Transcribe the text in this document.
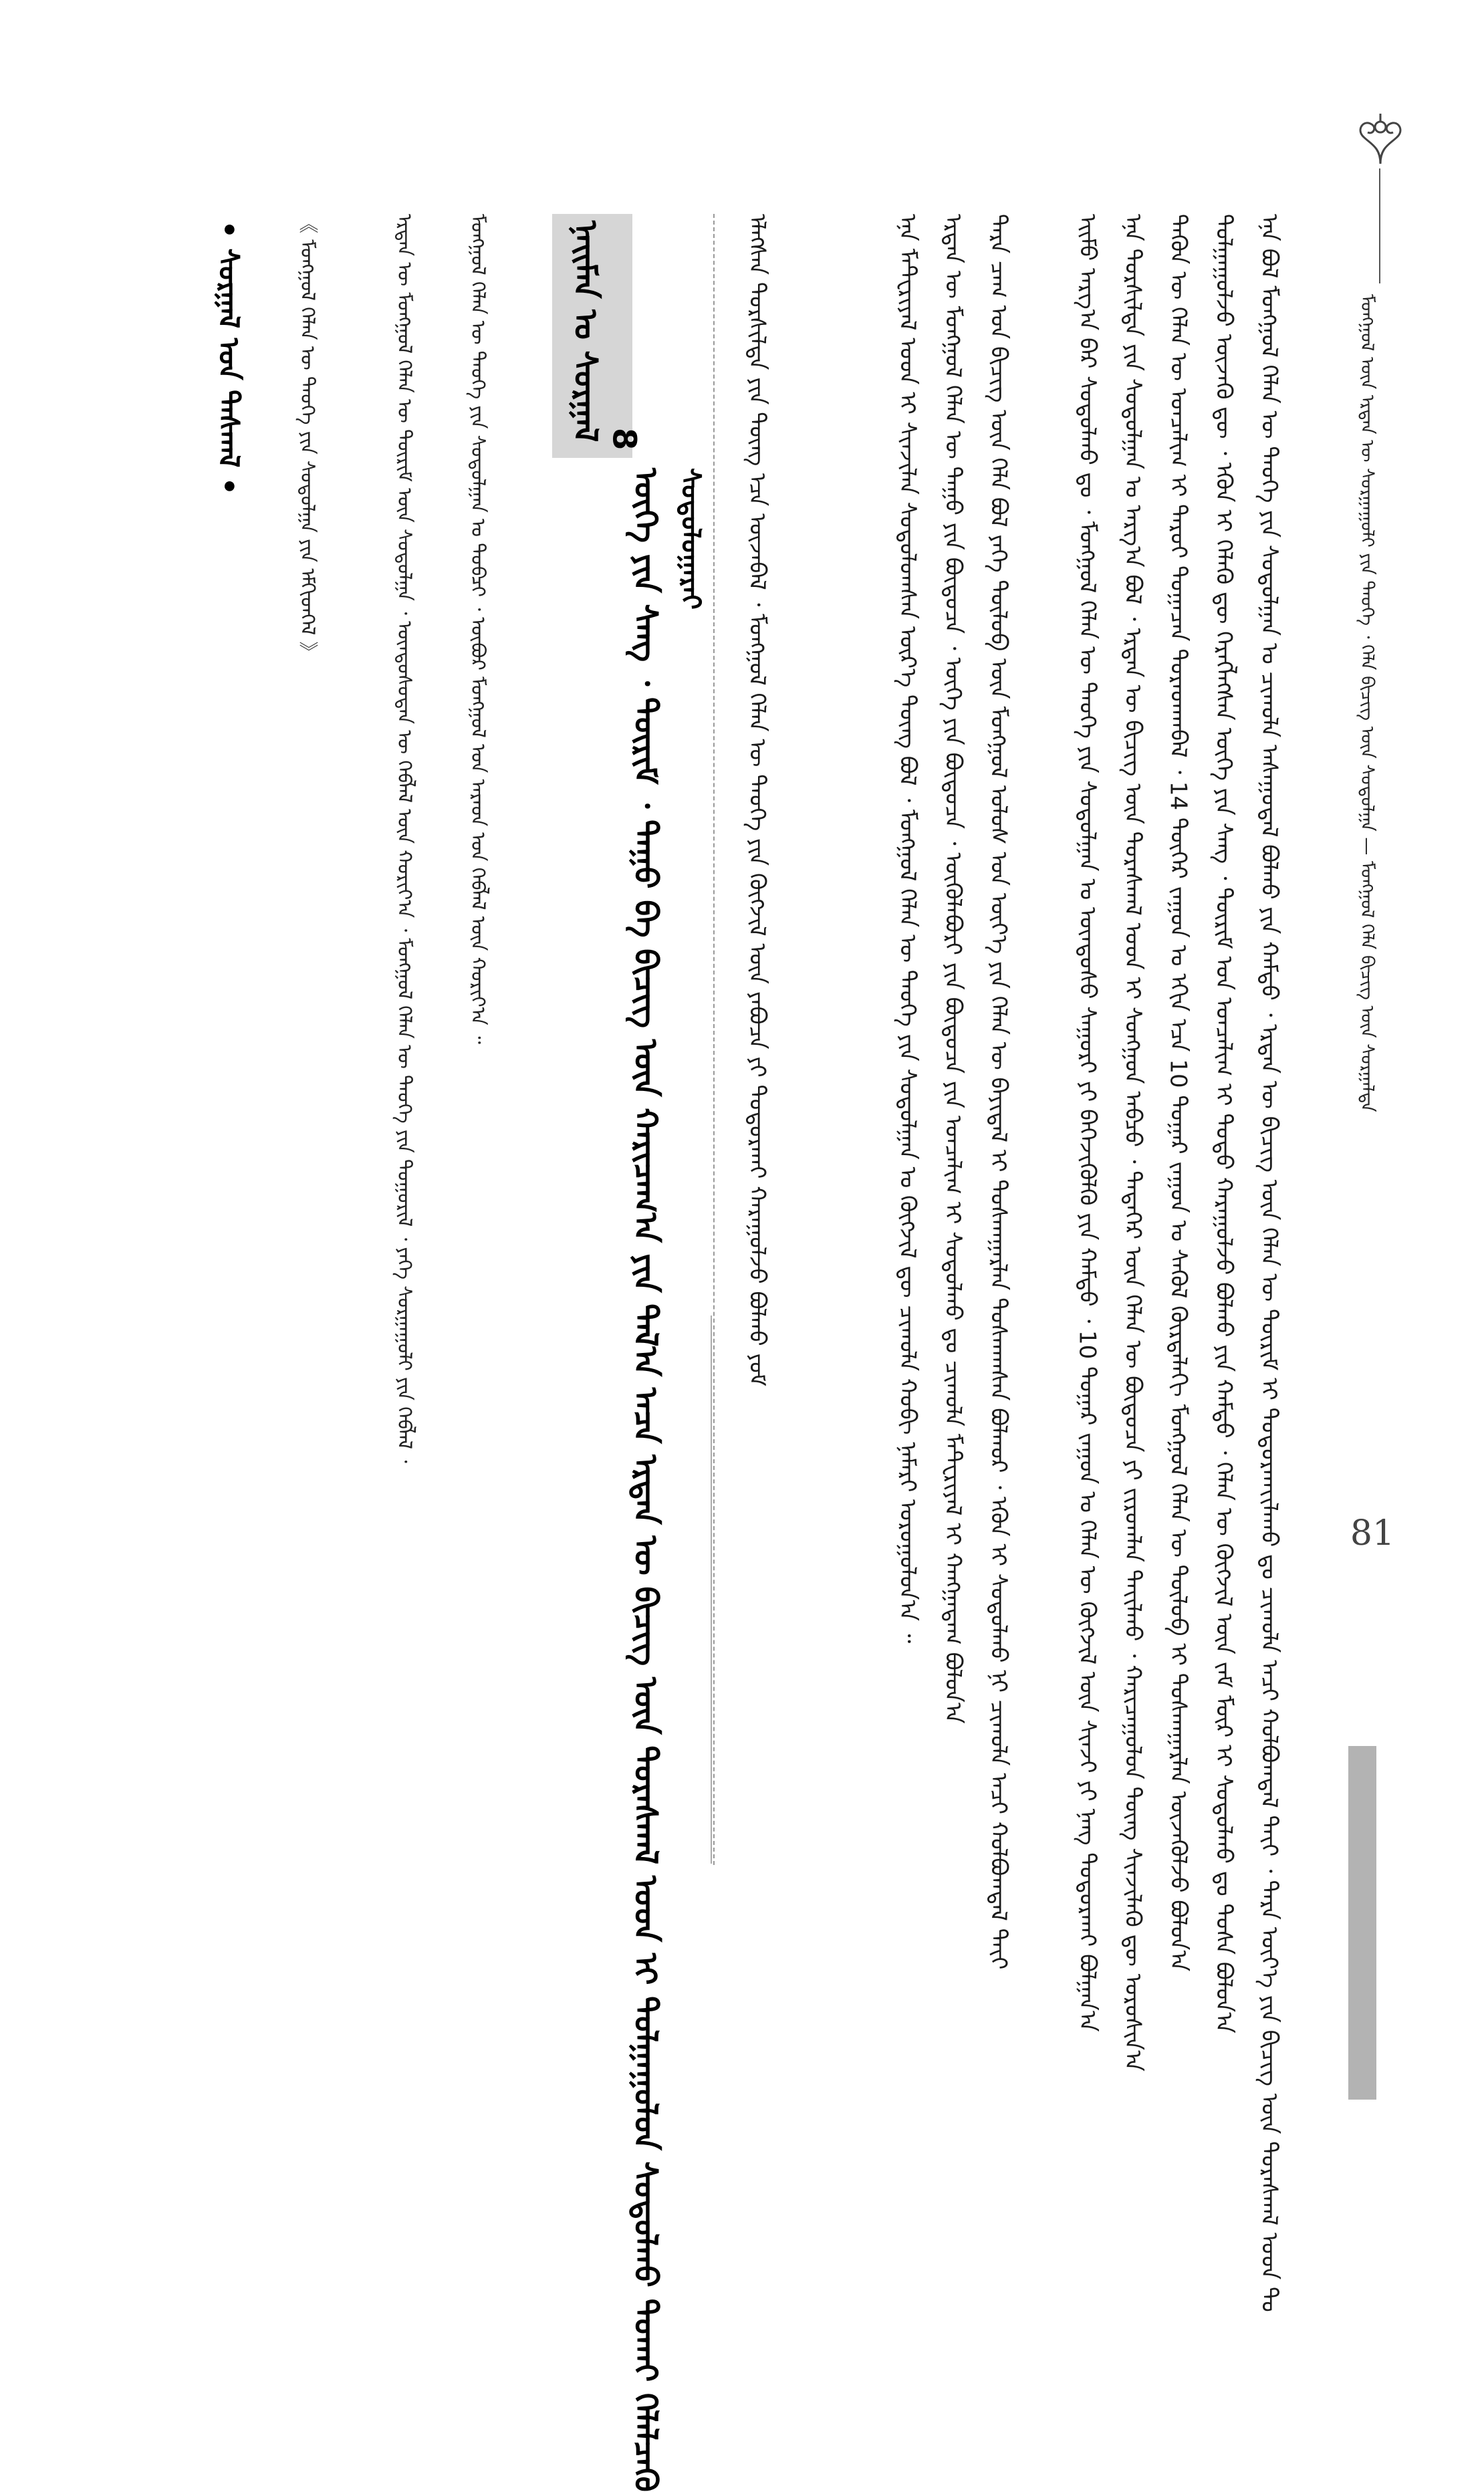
ᠮᠣᠩᠭᠣᠯ ᠦᠨ ᠡᠷᠲᠡᠨ ᠦ ᠰᠤᠷᠭᠠᠭᠤᠯᠢ ᠶᠢᠨ ᠲᠡᠦᠬᠡ ᠂ ᠬᠡᠯᠡ ᠪᠢᠴᠢᠭ᠌ ᠦᠨ ᠰᠤᠳᠤᠯᠭᠠ — ᠮᠣᠩᠭᠣᠯ ᠬᠡᠯᠡ ᠪᠢᠴᠢᠭ᠌ ᠦᠨ ᠰᠤᠷᠭᠠᠯᠲᠠ
81
ᠡᠨᠡ ᠪᠣᠯ ᠮᠣᠩᠭᠣᠯ ᠬᠡᠯᠡᠨ ᠦ ᠲᠡᠦᠬᠡ ᠶᠢᠨ ᠰᠤᠳᠤᠯᠭᠠᠨ ᠤ ᠴᠢᠬᠤᠯᠠ ᠠᠰᠠᠭᠤᠳᠠᠯ ᠪᠣᠯᠬᠤ ᠶᠢᠨ ᠬᠠᠮᠲᠤ ᠂ ᠡᠷᠲᠡᠨ ᠦ ᠪᠢᠴᠢᠭ᠌ ᠦᠨ ᠬᠡᠯᠡᠨ ᠦ ᠳᠦᠷᠢᠮ ᠢ ᠲᠣᠳᠤᠷᠬᠠᠶ᠋ᠢᠯᠠᠬᠤ ᠳᠤ ᠴᠢᠬᠤᠯᠠ ᠠᠴᠢ ᠬᠣᠯᠪᠣᠭᠳᠠᠯ ᠲᠠᠶ᠋ᠢ ᠂ ᠲᠡᠷᠡ ᠦᠶ᠎ᠡ ᠶᠢᠨ ᠪᠢᠴᠢᠭ᠌ ᠦᠨ ᠳᠤᠷᠠᠰᠬᠠᠯ ᠤᠳ ᠲᠤ
ᠲᠤᠯᠭᠠᠭᠤᠯᠵᠤ ᠦᠵᠡᠬᠦ ᠳᠦ ᠂ ᠡᠭᠦᠨ ᠢ ᠬᠡᠯᠡᠬᠦ ᠳᠦ ᠬᠡᠷᠡᠭᠯᠡᠭᠰᠡᠨ ᠦᠭᠡ ᠶᠢᠨ ᠰᠠᠩ ᠂ ᠳᠦᠷᠢᠮ ᠤᠨ ᠣᠨᠴᠠᠯᠢᠭ ᠢ ᠲᠣᠳᠤ ᠬᠠᠷᠠᠭᠤᠯᠵᠤ ᠪᠣᠯᠬᠤ ᠶᠢᠨ ᠬᠠᠮᠲᠤ ᠂ ᠬᠡᠯᠡᠨ ᠦ ᠬᠦᠭᠵᠢᠯ ᠦᠨ ᠵᠠᠮ ᠮᠥᠷ ᠢ ᠰᠤᠳᠤᠯᠬᠤ ᠳᠤ ᠲᠤᠰᠠ ᠪᠣᠯᠤᠨ᠎ᠠ
ᠲᠡᠭᠦᠨ ᠦ ᠬᠡᠯᠡᠨ ᠦ ᠣᠨᠴᠠᠯᠢᠭ ᠢ ᠳᠠᠷᠤᠢ ᠲᠣᠭᠠᠴᠠᠨ ᠳᠤᠷᠠᠳᠬᠠᠪᠠᠯ ᠂ 14 ᠳᠦᠭᠡᠷ ᠵᠠᠭᠤᠨ ᠤ ᠡᠬᠢᠨ ᠡᠴᠡ 10 ᠳᠤᠭᠠᠷ ᠵᠠᠭᠤᠨ ᠤ ᠰᠡᠭᠦᠯ ᠬᠦᠷᠲᠡᠯᠡᠬᠢ ᠮᠣᠩᠭᠣᠯ ᠬᠡᠯᠡᠨ ᠦ ᠲᠦᠯᠦᠪ ᠢ ᠲᠤᠰᠬᠠᠭᠠᠷᠯᠠᠨ ᠦᠵᠡᠭᠦᠯᠵᠦ ᠪᠣᠯᠤᠨ᠎ᠠ
ᠡᠨᠡ ᠲᠤᠷᠰᠢᠯᠲᠠ ᠶᠢᠨ ᠰᠤᠳᠤᠯᠭᠠᠨ ᠤ ᠠᠷᠭ᠎ᠠ ᠪᠣᠯ ᠂ ᠡᠷᠲᠡᠨ ᠦ ᠪᠢᠴᠢᠭ᠌ ᠦᠨ ᠳᠤᠷᠠᠰᠬᠠᠯ ᠤᠳ ᠢ ᠰᠣᠩᠭᠣᠨ ᠠᠪᠴᠤ ᠂ ᠲᠡᠳᠡᠭᠡᠷ ᠦᠨ ᠬᠡᠯᠡᠨ ᠦ ᠪᠦᠲᠦᠴᠡ ᠶᠢ ᠵᠢᠷᠤᠭᠯᠠᠨ ᠲᠠᠶ᠋ᠢᠯᠬᠤ ᠂ ᠬᠠᠷᠢᠴᠠᠭᠤᠯᠤᠨ ᠳᠦᠩ ᠰᠢᠨᠵᠢᠯᠡᠬᠦ ᠳᠦ ᠣᠷᠣᠰᠢᠨ᠎ᠠ
ᠡᠢᠮᠦ ᠠᠷᠭ᠎ᠠ ᠪᠡᠷ ᠰᠤᠳᠤᠯᠬᠤ ᠳᠤ ᠂ ᠮᠣᠩᠭᠣᠯ ᠬᠡᠯᠡᠨ ᠦ ᠲᠡᠦᠬᠡ ᠶᠢᠨ ᠰᠤᠳᠤᠯᠭᠠᠨ ᠤ ᠦᠨᠳᠦᠰᠦ ᠰᠠᠭᠤᠷᠢ ᠶᠢ ᠪᠡᠬᠡᠵᠢᠭᠦᠯᠬᠦ ᠶᠢᠨ ᠬᠠᠮᠲᠤ ᠂ 10 ᠳᠤᠭᠠᠷ ᠵᠠᠭᠤᠨ ᠤ ᠬᠡᠯᠡᠨ ᠦ ᠬᠦᠭᠵᠢᠯ ᠦᠨ ᠰᠢᠨᠵᠢ ᠶᠢ ᠨᠡᠩ ᠲᠣᠳᠤᠷᠬᠠᠢ ᠪᠣᠯᠭᠠᠨ᠎ᠠ
ᠲᠡᠷᠡ ᠴᠠᠭ ᠤᠨ ᠪᠢᠴᠢᠭ᠌ ᠦᠨ ᠬᠡᠯᠡ ᠪᠣᠯ ᠶᠡᠬᠡ ᠲᠥᠯᠥᠪ ᠦᠨ ᠮᠣᠩᠭᠣᠯ ᠤᠯᠤᠰ ᠤᠨ ᠦᠶ᠎ᠡ ᠶᠢᠨ ᠬᠡᠯᠡᠨ ᠦ ᠪᠠᠶᠢᠳᠠᠯ ᠢ ᠲᠤᠰᠬᠠᠭᠠᠷᠯᠠᠨ ᠲᠤᠰᠬᠠᠭᠰᠠᠨ ᠪᠣᠯᠬᠣᠷ ᠂ ᠡᠭᠦᠨ ᠢ ᠰᠤᠳᠤᠯᠬᠤ ᠨᠢ ᠴᠢᠬᠤᠯᠠ ᠠᠴᠢ ᠬᠣᠯᠪᠣᠭᠳᠠᠯ ᠲᠠᠶ᠋ᠢ
ᠡᠷᠲᠡᠨ ᠦ ᠮᠣᠩᠭᠣᠯ ᠬᠡᠯᠡᠨ ᠦ ᠳᠠᠭᠤ ᠶᠢᠨ ᠪᠦᠲᠦᠴᠡ ᠂ ᠦᠭᠡ ᠶᠢᠨ ᠪᠦᠲᠦᠴᠡ ᠂ ᠦᠭᠦᠯᠡᠪᠦᠷᠢ ᠶᠢᠨ ᠪᠦᠲᠦᠴᠡ ᠶᠢᠨ ᠣᠨᠴᠠᠯᠢᠭ ᠢ ᠰᠤᠳᠤᠯᠬᠤ ᠳᠤ ᠴᠢᠬᠤᠯᠠ ᠮᠠᠲᠧᠷᠢᠶᠠᠯ ᠢ ᠬᠠᠩᠭᠠᠳᠠᠭ ᠪᠣᠯᠤᠨ᠎ᠠ
ᠡᠨᠡ ᠮᠠᠲᠧᠷᠢᠶᠠᠯ ᠤᠳ ᠢ ᠰᠢᠨᠵᠢᠯᠡᠨ ᠰᠤᠳᠤᠯᠤᠭᠰᠠᠨ ᠦᠷ᠎ᠡ ᠳᠦᠩ ᠪᠣᠯ ᠂ ᠮᠣᠩᠭᠣᠯ ᠬᠡᠯᠡᠨ ᠦ ᠲᠡᠦᠬᠡ ᠶᠢᠨ ᠰᠤᠳᠤᠯᠭᠠᠨ ᠤ ᠬᠦᠭᠵᠢᠯ ᠳᠦ ᠴᠢᠬᠤᠯᠠ ᠬᠤᠪᠢ ᠨᠡᠮᠡᠷᠢ ᠣᠷᠣᠭᠤᠯᠤᠨ᠎ᠠ ᠃
ᠡᠯᠡᠭᠰᠡᠨ ᠲᠤᠷᠰᠢᠯᠲᠠ ᠶᠢᠨ ᠳᠦᠩ ᠡᠴᠡ ᠦᠵᠡᠪᠡᠯ ᠂ ᠮᠣᠩᠭᠣᠯ ᠬᠡᠯᠡᠨ ᠦ ᠲᠡᠦᠬᠡ ᠶᠢᠨ ᠬᠦᠭᠵᠢᠯ ᠦᠨ ᠶᠠᠪᠤᠴᠠ ᠶᠢ ᠲᠣᠳᠤᠷᠬᠠᠢ ᠬᠠᠷᠠᠭᠤᠯᠵᠤ ᠪᠣᠯᠬᠤ ᠶᠤᠮ
ᠨᠠᠢᠮᠠᠨ ᠤ ᠰᠤᠷᠭᠠᠯ 8
ᠦᠭᠡ ᠶᠢᠨ ᠰᠠᠩ ᠂ ᠳᠦᠷᠢᠮ ᠂ ᠳᠠᠭᠤ ᠪᠠ ᠪᠢᠴᠢᠭ᠌ ᠦᠨ ᠬᠠᠷᠢᠴᠠᠭ᠎ᠠ ᠶᠢᠨ ᠲᠠᠯ᠎ᠠ ᠠᠴᠠ ᠡᠷᠲᠡᠨ ᠦ ᠪᠢᠴᠢᠭ᠌ ᠦᠨ ᠳᠤᠷᠠᠰᠬᠠᠯ ᠤᠳ ᠢ ᠲᠤᠯᠭᠠᠭᠤᠯᠤᠨ ᠰᠤᠳᠤᠯᠬᠤ ᠲᠤᠬᠠᠢ ᠬᠡᠯᠡᠯᠴᠡᠬᠦ ᠰᠤᠳᠤᠯᠤᠭᠠᠷᠠᠢ
ᠮᠣᠩᠭᠣᠯ ᠬᠡᠯᠡᠨ ᠦ ᠲᠡᠦᠬᠡ ᠶᠢᠨ ᠰᠤᠳᠤᠯᠭᠠᠨ ᠤ ᠲᠣᠪᠴᠢ ᠂ ᠥᠪᠥᠷ ᠮᠣᠩᠭᠣᠯ ᠤᠨ ᠠᠷᠠᠳ ᠤᠨ ᠬᠡᠪᠯᠡᠯ ᠦᠨ ᠬᠣᠷᠢᠶ᠎ᠠ ᠃
ᠡᠷᠲᠡᠨ ᠦ ᠮᠣᠩᠭᠣᠯ ᠬᠡᠯᠡᠨ ᠦ ᠳᠦᠷᠢᠮ ᠦᠨ ᠰᠤᠳᠤᠯᠭᠠ ᠂ ᠦᠨᠳᠦᠰᠦᠲᠡᠨ ᠦ ᠬᠡᠪᠯᠡᠯ ᠦᠨ ᠬᠣᠷᠢᠶ᠎ᠠ ᠂ ᠮᠣᠩᠭᠣᠯ ᠬᠡᠯᠡᠨ ᠦ ᠲᠡᠦᠬᠡ ᠶᠢᠨ ᠲᠣᠭᠤᠷᠢᠯ ᠂ ᠶᠡᠬᠡ ᠰᠤᠷᠭᠠᠭᠤᠯᠢ ᠶᠢᠨ ᠬᠡᠪᠯᠡᠯ ᠂
《 ᠮᠣᠩᠭᠣᠯ ᠬᠡᠯᠡᠨ ᠦ ᠲᠡᠦᠬᠡ ᠶᠢᠨ ᠰᠤᠳᠤᠯᠭᠠ ᠶᠢᠨ ᠡᠮᠬᠢᠳᠬᠡᠯ 》
• ᠰᠤᠷᠭᠠᠯ ᠤᠨ ᠳᠠᠰᠬᠠᠯ •
